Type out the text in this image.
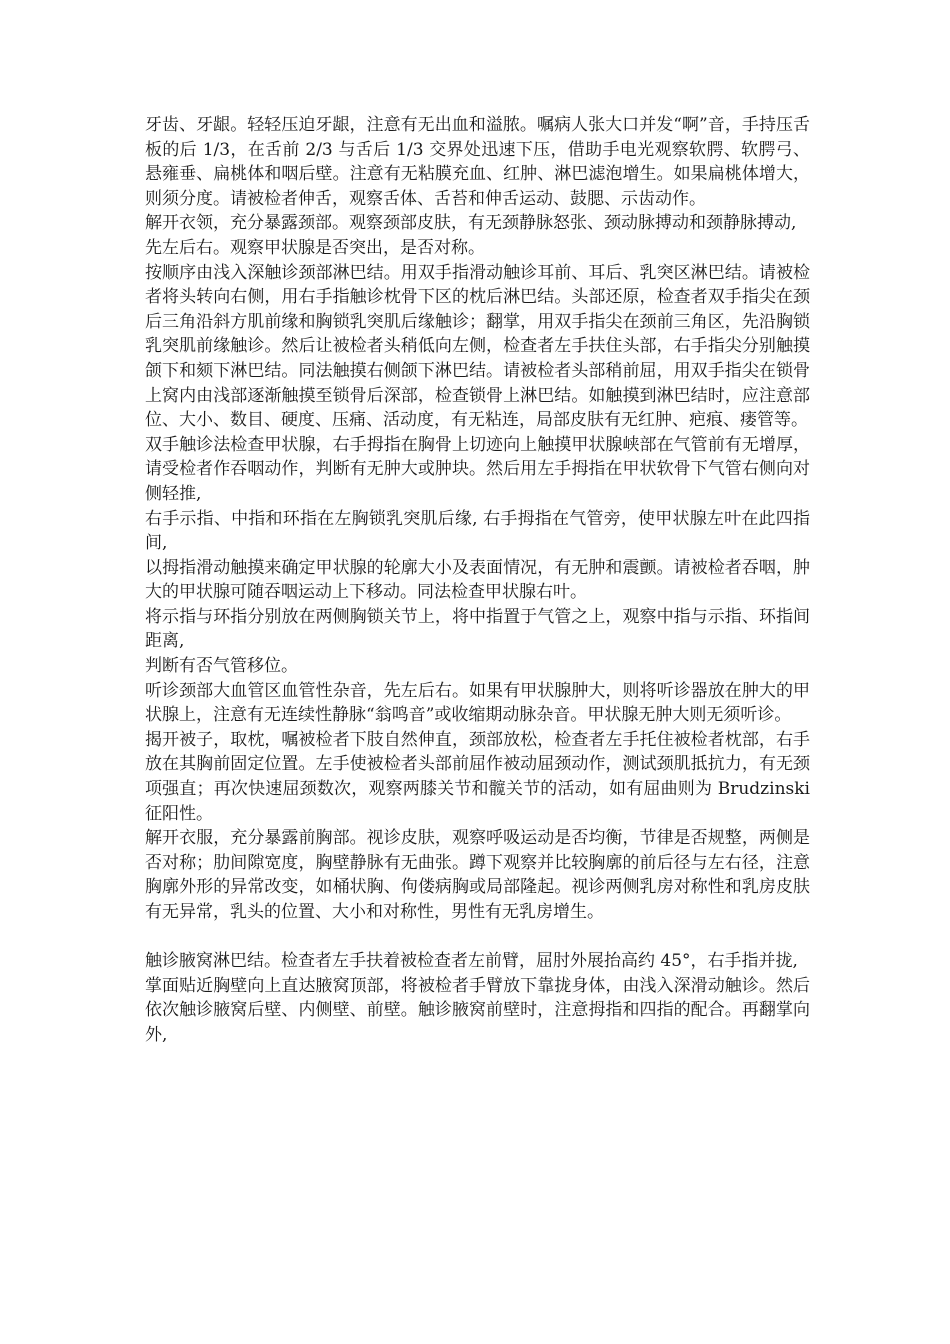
牙齿、牙龈。轻轻压迫牙龈，注意有无出血和溢脓。嘱病人张大口并发“啊”音，手持压舌板的后 1/3，在舌前 2/3 与舌后 1/3 交界处迅速下压，借助手电光观察软腭、软腭弓、悬雍垂、扁桃体和咽后壁。注意有无粘膜充血、红肿、淋巴滤泡增生。如果扁桃体增大，则须分度。请被检者伸舌，观察舌体、舌苔和伸舌运动、鼓腮、示齿动作。

解开衣领，充分暴露颈部。观察颈部皮肤，有无颈静脉怒张、颈动脉搏动和颈静脉搏动,

先左后右。观察甲状腺是否突出，是否对称。

按顺序由浅入深触诊颈部淋巴结。用双手指滑动触诊耳前、耳后、乳突区淋巴结。请被检者将头转向右侧，用右手指触诊枕骨下区的枕后淋巴结。头部还原，检查者双手指尖在颈后三角沿斜方肌前缘和胸锁乳突肌后缘触诊；翻掌，用双手指尖在颈前三角区，先沿胸锁乳突肌前缘触诊。然后让被检者头稍低向左侧，检查者左手扶住头部，右手指尖分别触摸颌下和颏下淋巴结。同法触摸右侧颌下淋巴结。请被检者头部稍前屈，用双手指尖在锁骨上窝内由浅部逐渐触摸至锁骨后深部，检查锁骨上淋巴结。如触摸到淋巴结时，应注意部位、大小、数目、硬度、压痛、活动度，有无粘连，局部皮肤有无红肿、疤痕、瘘管等。

双手触诊法检查甲状腺，右手拇指在胸骨上切迹向上触摸甲状腺峡部在气管前有无增厚，请受检者作吞咽动作，判断有无肿大或肿块。然后用左手拇指在甲状软骨下气管右侧向对侧轻推,

右手示指、中指和环指在左胸锁乳突肌后缘, 右手拇指在气管旁，使甲状腺左叶在此四指间,

以拇指滑动触摸来确定甲状腺的轮廓大小及表面情况，有无肿和震颤。请被检者吞咽，肿大的甲状腺可随吞咽运动上下移动。同法检查甲状腺右叶。

将示指与环指分别放在两侧胸锁关节上，将中指置于气管之上，观察中指与示指、环指间距离,

判断有否气管移位。

听诊颈部大血管区血管性杂音，先左后右。如果有甲状腺肿大，则将听诊器放在肿大的甲状腺上，注意有无连续性静脉“翁鸣音”或收缩期动脉杂音。甲状腺无肿大则无须听诊。

揭开被子，取枕，嘱被检者下肢自然伸直，颈部放松，检查者左手托住被检者枕部，右手放在其胸前固定位置。左手使被检者头部前屈作被动屈颈动作，测试颈肌抵抗力，有无颈项强直；再次快速屈颈数次，观察两膝关节和髋关节的活动，如有屈曲则为 Brudzinski 征阳性。

解开衣服，充分暴露前胸部。视诊皮肤，观察呼吸运动是否均衡，节律是否规整，两侧是否对称；肋间隙宽度，胸壁静脉有无曲张。蹲下观察并比较胸廓的前后径与左右径，注意胸廓外形的异常改变，如桶状胸、佝偻病胸或局部隆起。视诊两侧乳房对称性和乳房皮肤有无异常，乳头的位置、大小和对称性，男性有无乳房增生。

触诊腋窝淋巴结。检查者左手扶着被检查者左前臂，屈肘外展抬高约 45°，右手指并拢,

掌面贴近胸壁向上直达腋窝顶部，将被检者手臂放下靠拢身体，由浅入深滑动触诊。然后依次触诊腋窝后壁、内侧壁、前壁。触诊腋窝前壁时，注意拇指和四指的配合。再翻掌向外,
